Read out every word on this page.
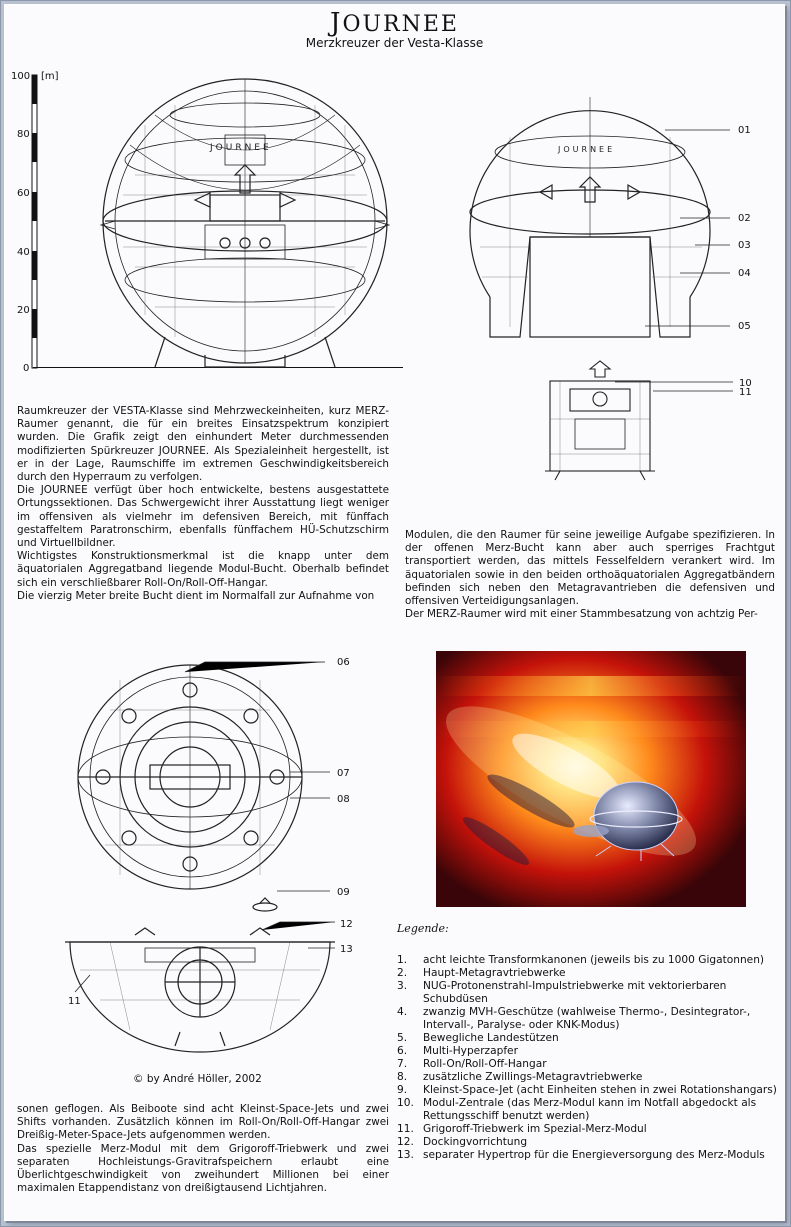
JOURNEE
Merzkreuzer der Vesta-Klasse
100
80
60
40
20
0
[m]
JOURNEE	JOURNEE
01
02
03
04
05
10
11

Raumkreuzer der VESTA-Klasse sind Mehrzweckeinheiten, kurz MERZ-Raumer genannt, die für ein breites Einsatzspektrum konzipiert wurden. Die Grafik zeigt den einhundert Meter durchmessenden modifizierten Spürkreuzer JOURNEE. Als Spezialeinheit hergestellt, ist er in der Lage, Raumschiffe im extremen Geschwindigkeitsbereich durch den Hyperraum zu verfolgen.

Die JOURNEE verfügt über hoch entwickelte, bestens ausgestattete Ortungssektionen. Das Schwergewicht ihrer Ausstattung liegt weniger im offensiven als vielmehr im defensiven Bereich, mit fünffach gestaffeltem Paratronschirm, ebenfalls fünffachem HÜ-Schutzschirm und Virtuellbildner.

Wichtigstes Konstruktionsmerkmal ist die knapp unter dem äquatorialen Aggregatband liegende Modul-Bucht. Oberhalb befindet sich ein verschließbarer Roll-On/Roll-Off-Hangar.

Die vierzig Meter breite Bucht dient im Normalfall zur Aufnahme von

Modulen, die den Raumer für seine jeweilige Aufgabe spezifizieren. In der offenen Merz-Bucht kann aber auch sperriges Frachtgut transportiert werden, das mittels Fesselfeldern verankert wird. Im äquatorialen sowie in den beiden orthoäquatorialen Aggregatbändern befinden sich neben den Metagravantrieben die defensiven und offensiven Verteidigungsanlagen.

Der MERZ-Raumer wird mit einer Stammbesatzung von achtzig Per-

06
07
08
09
12
13
11
© by André Höller, 2002
Legende:
1.	acht leichte Transformkanonen (jeweils bis zu 1000 Gigatonnen)
2.	Haupt-Metagravtriebwerke
3.	NUG-Protonenstrahl-Impulstriebwerke mit vektorierbaren Schubdüsen
4.	zwanzig MVH-Geschütze (wahlweise Thermo-, Desintegrator-, Intervall-, Paralyse- oder KNK-Modus)
5.	Bewegliche Landestützen
6.	Multi-Hyperzapfer
7.	Roll-On/Roll-Off-Hangar
8.	zusätzliche Zwillings-Metagravtriebwerke
9.	Kleinst-Space-Jet (acht Einheiten stehen in zwei Rotationshangars)
10. Modul-Zentrale (das Merz-Modul kann im Notfall abgedockt als Rettungsschiff benutzt werden)
11. Grigoroff-Triebwerk im Spezial-Merz-Modul
12. Dockingvorrichtung
13. separater Hypertrop für die Energieversorgung des Merz-Moduls

sonen geflogen. Als Beiboote sind acht Kleinst-Space-Jets und zwei Shifts vorhanden. Zusätzlich können im Roll-On/Roll-Off-Hangar zwei Dreißig-Meter-Space-Jets aufgenommen werden.

Das spezielle Merz-Modul mit dem Grigoroff-Triebwerk und zwei separaten Hochleistungs-Gravitrafspeichern erlaubt eine Überlichtgeschwindigkeit von zweihundert Millionen bei einer maximalen Etappendistanz von dreißigtausend Lichtjahren.
